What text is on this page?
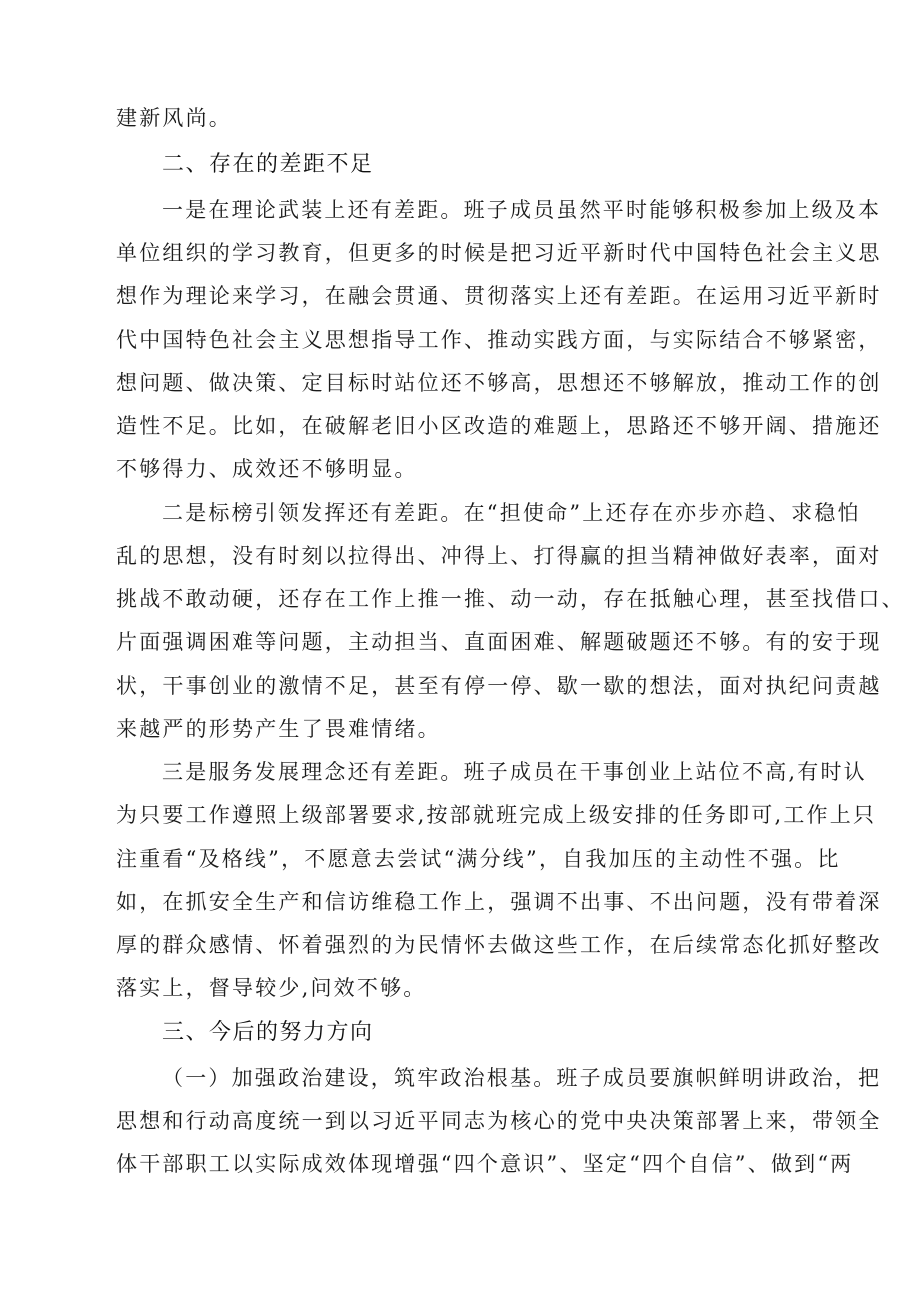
建新风尚。
二、存在的差距不足
一是在理论武装上还有差距。班子成员虽然平时能够积极参加上级及本
单位组织的学习教育，但更多的时候是把习近平新时代中国特色社会主义思
想作为理论来学习，在融会贯通、贯彻落实上还有差距。在运用习近平新时
代中国特色社会主义思想指导工作、推动实践方面，与实际结合不够紧密，
想问题、做决策、定目标时站位还不够高，思想还不够解放，推动工作的创
造性不足。比如，在破解老旧小区改造的难题上，思路还不够开阔、措施还
不够得力、成效还不够明显。
二是标榜引领发挥还有差距。在“担使命”上还存在亦步亦趋、求稳怕
乱的思想，没有时刻以拉得出、冲得上、打得赢的担当精神做好表率，面对
挑战不敢动硬，还存在工作上推一推、动一动，存在抵触心理，甚至找借口、
片面强调困难等问题，主动担当、直面困难、解题破题还不够。有的安于现
状，干事创业的激情不足，甚至有停一停、歇一歇的想法，面对执纪问责越
来越严的形势产生了畏难情绪。
三是服务发展理念还有差距。班子成员在干事创业上站位不高,有时认
为只要工作遵照上级部署要求,按部就班完成上级安排的任务即可,工作上只
注重看“及格线”，不愿意去尝试“满分线”，自我加压的主动性不强。比
如，在抓安全生产和信访维稳工作上，强调不出事、不出问题，没有带着深
厚的群众感情、怀着强烈的为民情怀去做这些工作，在后续常态化抓好整改
落实上，督导较少,问效不够。
三、今后的努力方向
（一）加强政治建设，筑牢政治根基。班子成员要旗帜鲜明讲政治，把
思想和行动高度统一到以习近平同志为核心的党中央决策部署上来，带领全
体干部职工以实际成效体现增强“四个意识”、坚定“四个自信”、做到“两
